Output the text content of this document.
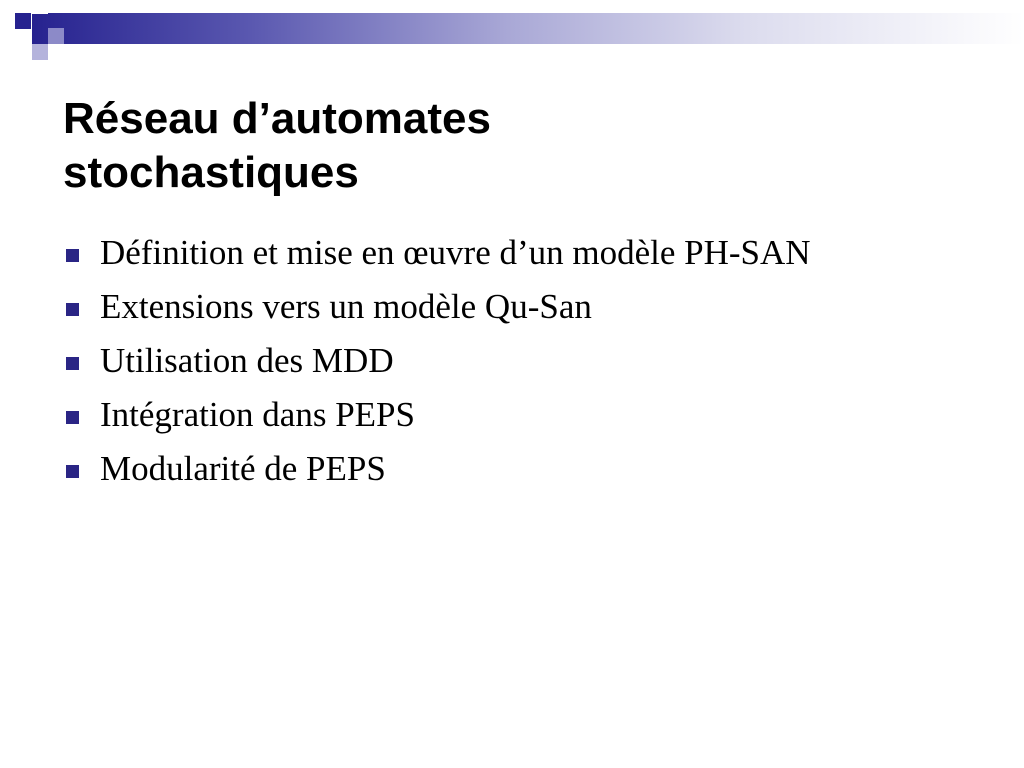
Réseau d’automates
stochastiques
Définition et mise en œuvre d’un modèle PH-SAN
Extensions vers un modèle Qu-San
Utilisation des MDD
Intégration dans PEPS
Modularité de PEPS
